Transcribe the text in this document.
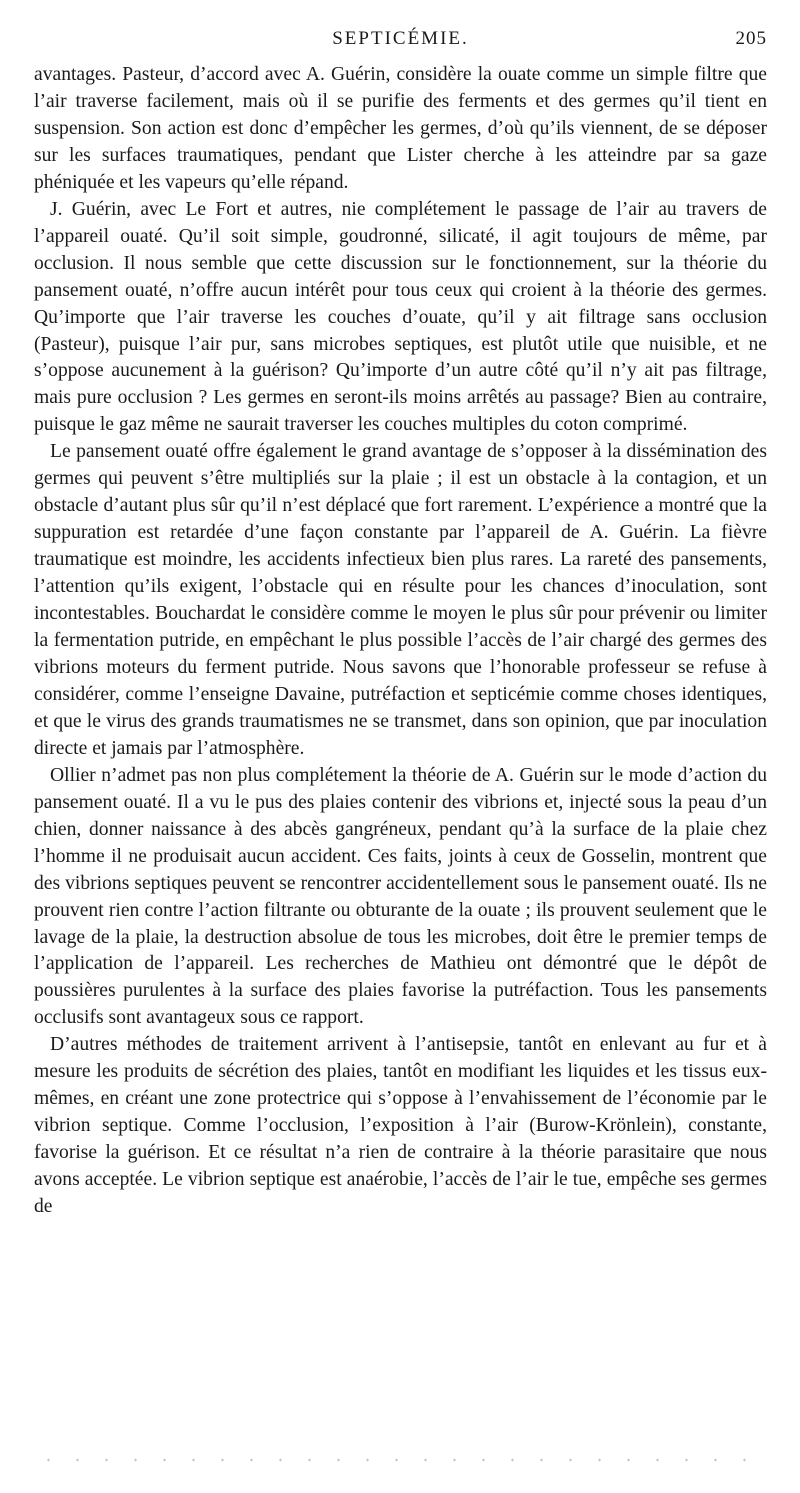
SEPTICÉMIE.	205

avantages. Pasteur, d’accord avec A. Guérin, considère la ouate comme un simple filtre que l’air traverse facilement, mais où il se purifie des ferments et des germes qu’il tient en suspension. Son action est donc d’empêcher les germes, d’où qu’ils viennent, de se déposer sur les surfaces traumatiques, pendant que Lister cherche à les atteindre par sa gaze phéniquée et les vapeurs qu’elle répand.

J. Guérin, avec Le Fort et autres, nie complétement le passage de l’air au travers de l’appareil ouaté. Qu’il soit simple, goudronné, silicaté, il agit toujours de même, par occlusion. Il nous semble que cette discussion sur le fonctionnement, sur la théorie du pansement ouaté, n’offre aucun intérêt pour tous ceux qui croient à la théorie des germes. Qu’importe que l’air traverse les couches d’ouate, qu’il y ait filtrage sans occlusion (Pasteur), puisque l’air pur, sans microbes septiques, est plutôt utile que nuisible, et ne s’oppose aucunement à la guérison? Qu’importe d’un autre côté qu’il n’y ait pas filtrage, mais pure occlusion ? Les germes en seront-ils moins arrêtés au passage? Bien au contraire, puisque le gaz même ne saurait traverser les couches multiples du coton comprimé.

Le pansement ouaté offre également le grand avantage de s’opposer à la dissémination des germes qui peuvent s’être multipliés sur la plaie ; il est un obstacle à la contagion, et un obstacle d’autant plus sûr qu’il n’est déplacé que fort rarement. L’expérience a montré que la suppuration est retardée d’une façon constante par l’appareil de A. Guérin. La fièvre traumatique est moindre, les accidents infectieux bien plus rares. La rareté des pansements, l’attention qu’ils exigent, l’obstacle qui en résulte pour les chances d’inoculation, sont incontestables. Bouchardat le considère comme le moyen le plus sûr pour prévenir ou limiter la fermentation putride, en empêchant le plus possible l’accès de l’air chargé des germes des vibrions moteurs du ferment putride. Nous savons que l’honorable professeur se refuse à considérer, comme l’enseigne Davaine, putréfaction et septicémie comme choses identiques, et que le virus des grands traumatismes ne se transmet, dans son opinion, que par inoculation directe et jamais par l’atmosphère.

Ollier n’admet pas non plus complétement la théorie de A. Guérin sur le mode d’action du pansement ouaté. Il a vu le pus des plaies contenir des vibrions et, injecté sous la peau d’un chien, donner naissance à des abcès gangréneux, pendant qu’à la surface de la plaie chez l’homme il ne produisait aucun accident. Ces faits, joints à ceux de Gosselin, montrent que des vibrions septiques peuvent se rencontrer accidentellement sous le pansement ouaté. Ils ne prouvent rien contre l’action filtrante ou obturante de la ouate ; ils prouvent seulement que le lavage de la plaie, la destruction absolue de tous les microbes, doit être le premier temps de l’application de l’appareil. Les recherches de Mathieu ont démontré que le dépôt de poussières purulentes à la surface des plaies favorise la putréfaction. Tous les pansements occlusifs sont avantageux sous ce rapport.

D’autres méthodes de traitement arrivent à l’antisepsie, tantôt en enlevant au fur et à mesure les produits de sécrétion des plaies, tantôt en modifiant les liquides et les tissus eux-mêmes, en créant une zone protectrice qui s’oppose à l’envahissement de l’économie par le vibrion septique. Comme l’occlusion, l’exposition à l’air (Burow-Krönlein), constante, favorise la guérison. Et ce résultat n’a rien de contraire à la théorie parasitaire que nous avons acceptée. Le vibrion septique est anaérobie, l’accès de l’air le tue, empêche ses germes de
